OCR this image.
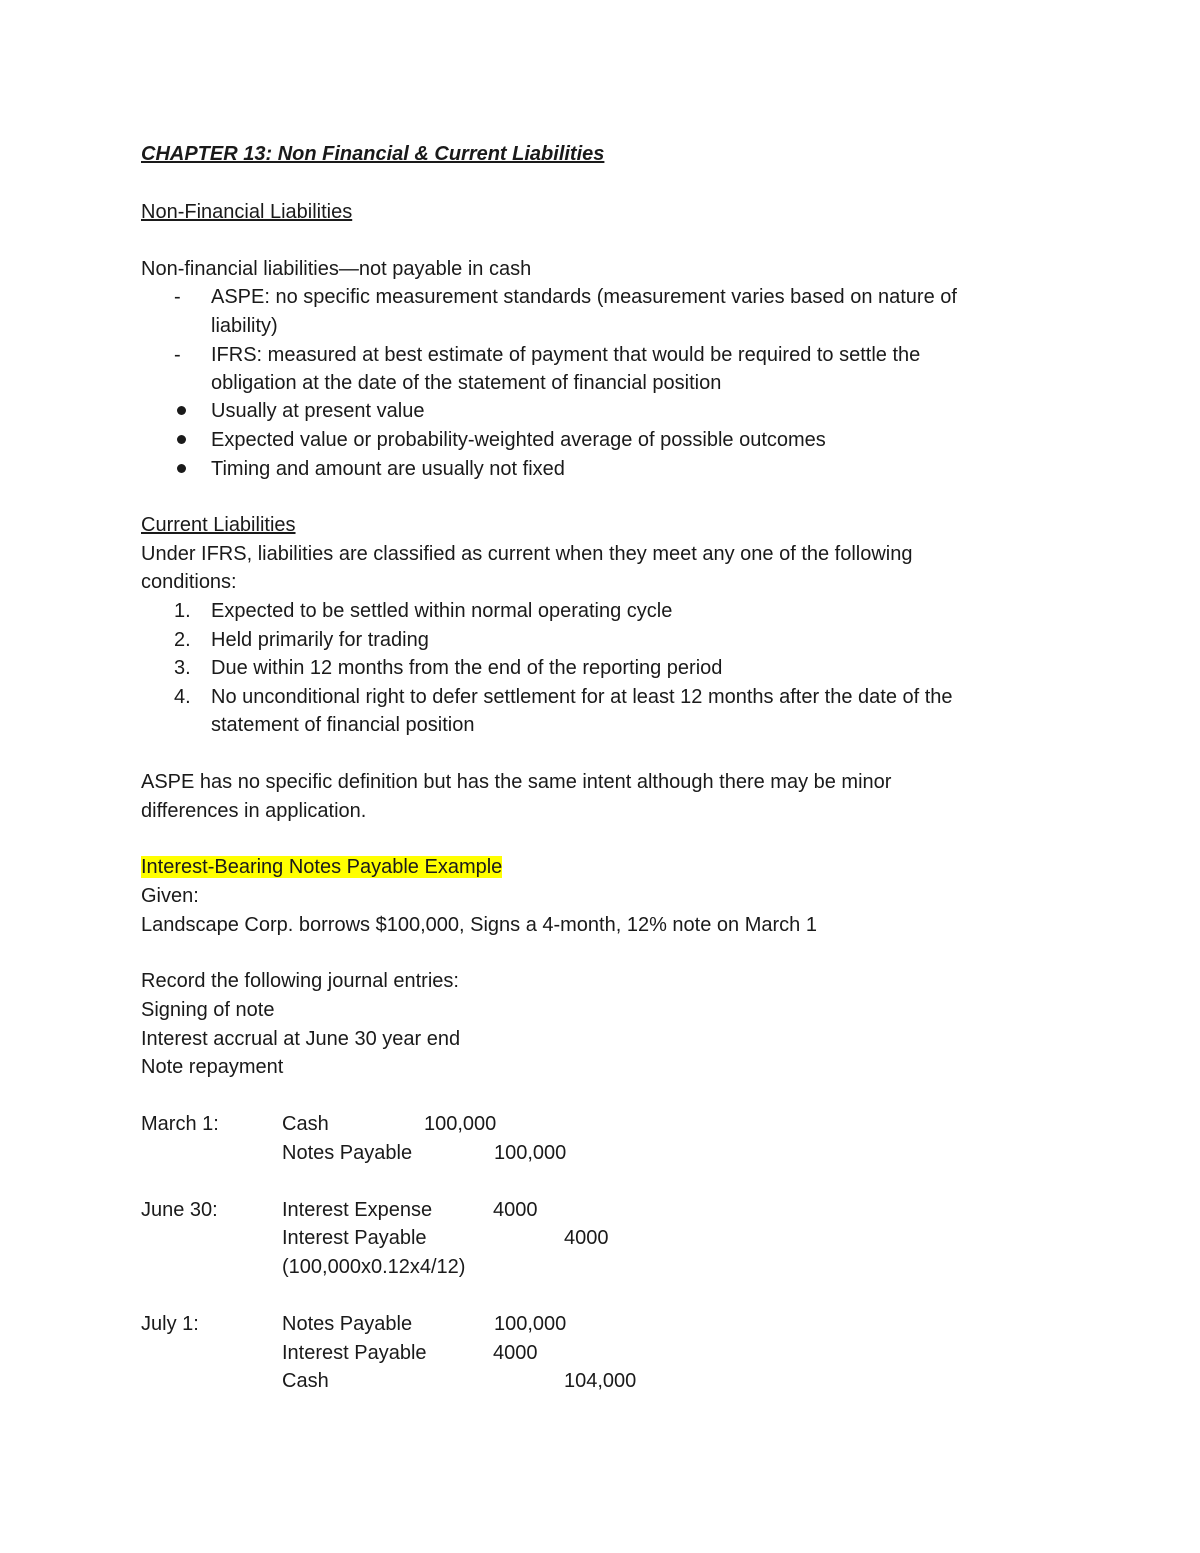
CHAPTER 13: Non Financial & Current Liabilities
Non-Financial Liabilities
Non-financial liabilities—not payable in cash
- ASPE: no specific measurement standards (measurement varies based on nature of
liability)
- IFRS: measured at best estimate of payment that would be required to settle the
obligation at the date of the statement of financial position
Usually at present value
Expected value or probability-weighted average of possible outcomes
Timing and amount are usually not fixed
Current Liabilities
Under IFRS, liabilities are classified as current when they meet any one of the following
conditions:
1. Expected to be settled within normal operating cycle
2. Held primarily for trading
3. Due within 12 months from the end of the reporting period
4. No unconditional right to defer settlement for at least 12 months after the date of the
statement of financial position
ASPE has no specific definition but has the same intent although there may be minor
differences in application.
Interest-Bearing Notes Payable Example
Given:
Landscape Corp. borrows $100,000, Signs a 4-month, 12% note on March 1
Record the following journal entries:
Signing of note
Interest accrual at June 30 year end
Note repayment
March 1:	Cash	100,000
Notes Payable	100,000
June 30:	Interest Expense	4000
Interest Payable	4000
(100,000x0.12x4/12)
July 1:	Notes Payable	100,000
Interest Payable	4000
Cash	104,000
